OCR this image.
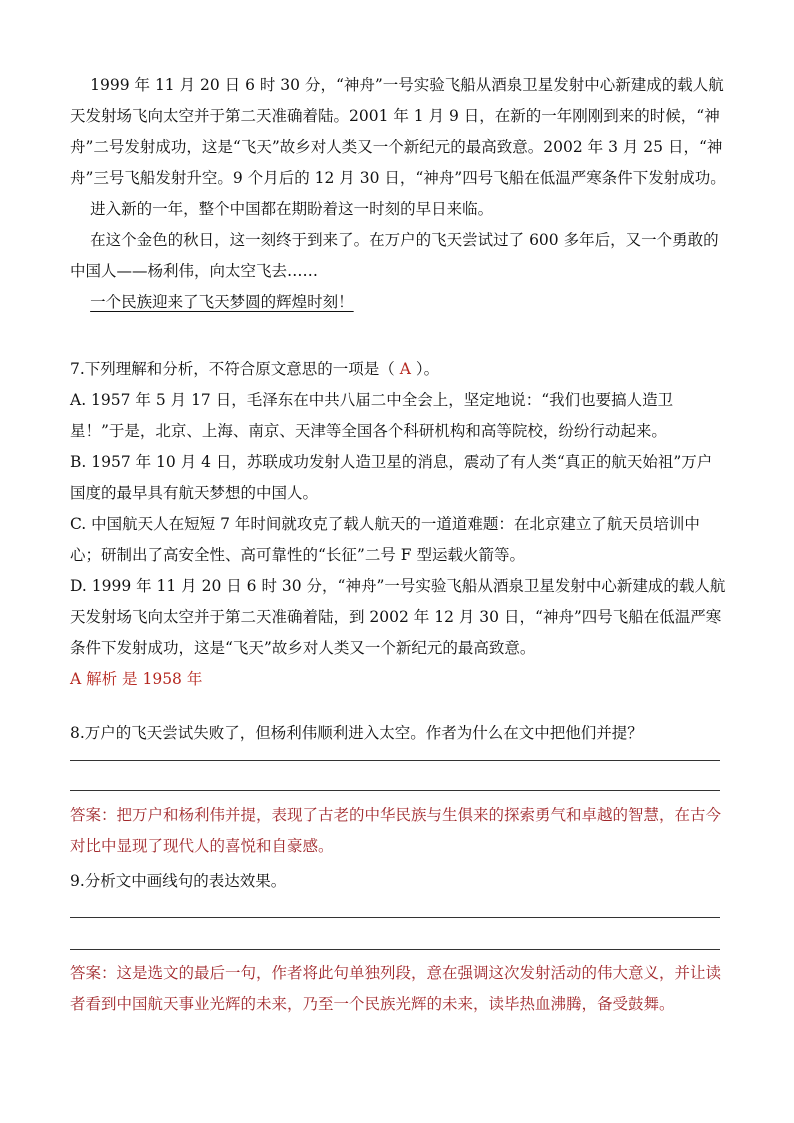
1999 年 11 月 20 日 6 时 30 分，“神舟”一号实验飞船从酒泉卫星发射中心新建成的载人航天发射场飞向太空并于第二天准确着陆。2001 年 1 月 9 日，在新的一年刚刚到来的时候，“神舟”二号发射成功，这是“飞天”故乡对人类又一个新纪元的最高致意。2002 年 3 月 25 日，“神舟”三号飞船发射升空。9 个月后的 12 月 30 日，“神舟”四号飞船在低温严寒条件下发射成功。

进入新的一年，整个中国都在期盼着这一时刻的早日来临。

在这个金色的秋日，这一刻终于到来了。在万户的飞天尝试过了 600 多年后，又一个勇敢的中国人——杨利伟，向太空飞去……

一个民族迎来了飞天梦圆的辉煌时刻！

7.下列理解和分析，不符合原文意思的一项是（ A ）。

A. 1957 年 5 月 17 日，毛泽东在中共八届二中全会上，坚定地说：“我们也要搞人造卫星！”于是，北京、上海、南京、天津等全国各个科研机构和高等院校，纷纷行动起来。

B. 1957 年 10 月 4 日，苏联成功发射人造卫星的消息，震动了有人类“真正的航天始祖”万户国度的最早具有航天梦想的中国人。

C. 中国航天人在短短 7 年时间就攻克了载人航天的一道道难题：在北京建立了航天员培训中心；研制出了高安全性、高可靠性的“长征”二号 F 型运载火箭等。

D. 1999 年 11 月 20 日 6 时 30 分，“神舟”一号实验飞船从酒泉卫星发射中心新建成的载人航天发射场飞向太空并于第二天准确着陆，到 2002 年 12 月 30 日，“神舟”四号飞船在低温严寒条件下发射成功，这是“飞天”故乡对人类又一个新纪元的最高致意。

A 解析 是 1958 年

8.万户的飞天尝试失败了，但杨利伟顺利进入太空。作者为什么在文中把他们并提？

答案：把万户和杨利伟并提，表现了古老的中华民族与生俱来的探索勇气和卓越的智慧，在古今对比中显现了现代人的喜悦和自豪感。

9.分析文中画线句的表达效果。

答案：这是选文的最后一句，作者将此句单独列段，意在强调这次发射活动的伟大意义，并让读者看到中国航天事业光辉的未来，乃至一个民族光辉的未来，读毕热血沸腾，备受鼓舞。
